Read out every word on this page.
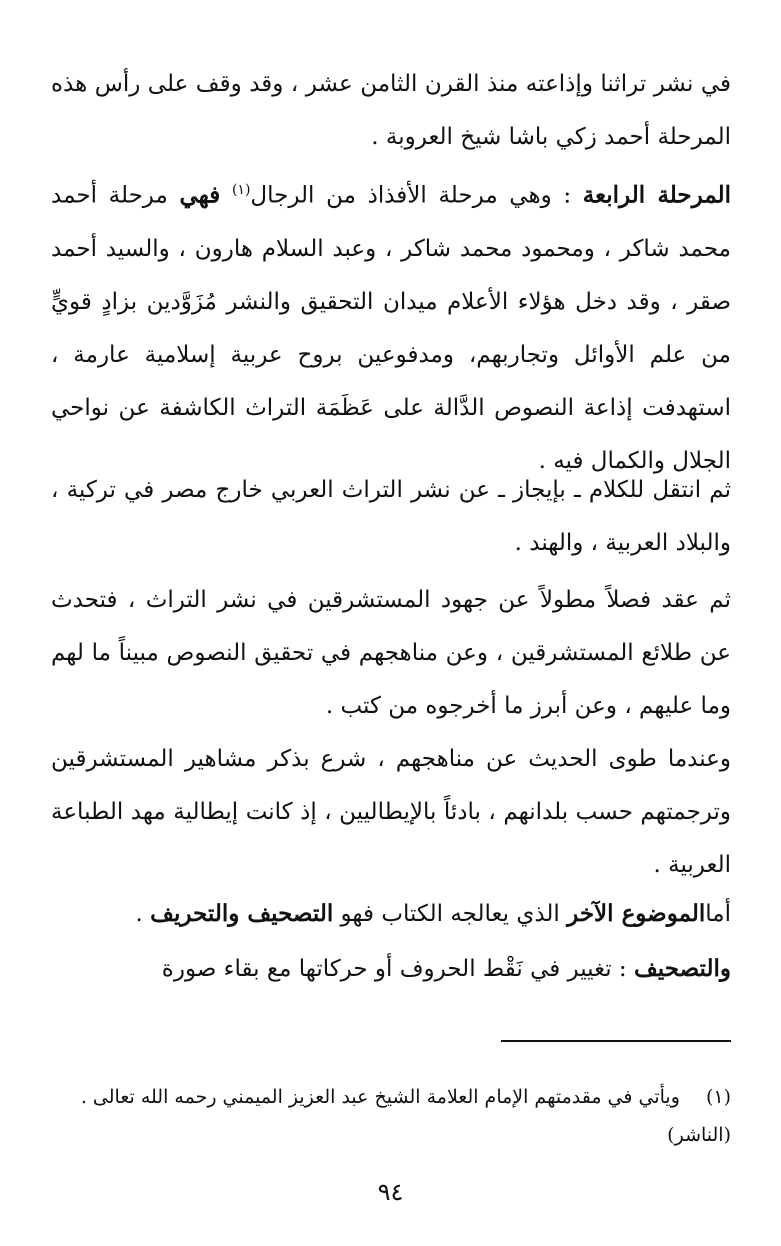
في نشر تراثنا وإذاعته منذ القرن الثامن عشر ، وقد وقف على رأس هذه المرحلة أحمد زكي باشا شيخ العروبة .

المرحلة الرابعة : وهي مرحلة الأفذاذ من الرجال$^{(١)}$ فهي مرحلة أحمد محمد شاكر ، ومحمود محمد شاكر ، وعبد السلام هارون ، والسيد أحمد صقر ، وقد دخل هؤلاء الأعلام ميدان التحقيق والنشر مُزَوَّدين بزادٍ قويٍّ من علم الأوائل وتجاربهم، ومدفوعين بروح عربية إسلامية عارمة ، استهدفت إذاعة النصوص الدَّالة على عَظَمَة التراث الكاشفة عن نواحي الجلال والكمال فيه .

ثم انتقل للكلام ـ بإيجاز ـ عن نشر التراث العربي خارج مصر في تركية ، والبلاد العربية ، والهند .

ثم عقد فصلاً مطولاً عن جهود المستشرقين في نشر التراث ، فتحدث عن طلائع المستشرقين ، وعن مناهجهم في تحقيق النصوص مبيناً ما لهم وما عليهم ، وعن أبرز ما أخرجوه من كتب .

وعندما طوى الحديث عن مناهجهم ، شرع بذكر مشاهير المستشرقين وترجمتهم حسب بلدانهم ، بادئاً بالإيطاليين ، إذ كانت إيطالية مهد الطباعة العربية .

أماالموضوع الآخر الذي يعالجه الكتاب فهو التصحيف والتحريف .

والتصحيف : تغيير في نَقْط الحروف أو حركاتها مع بقاء صورة

(١) ويأتي في مقدمتهم الإمام العلامة الشيخ عبد العزيز الميمني رحمه الله تعالى .
(الناشر)

٩٤
